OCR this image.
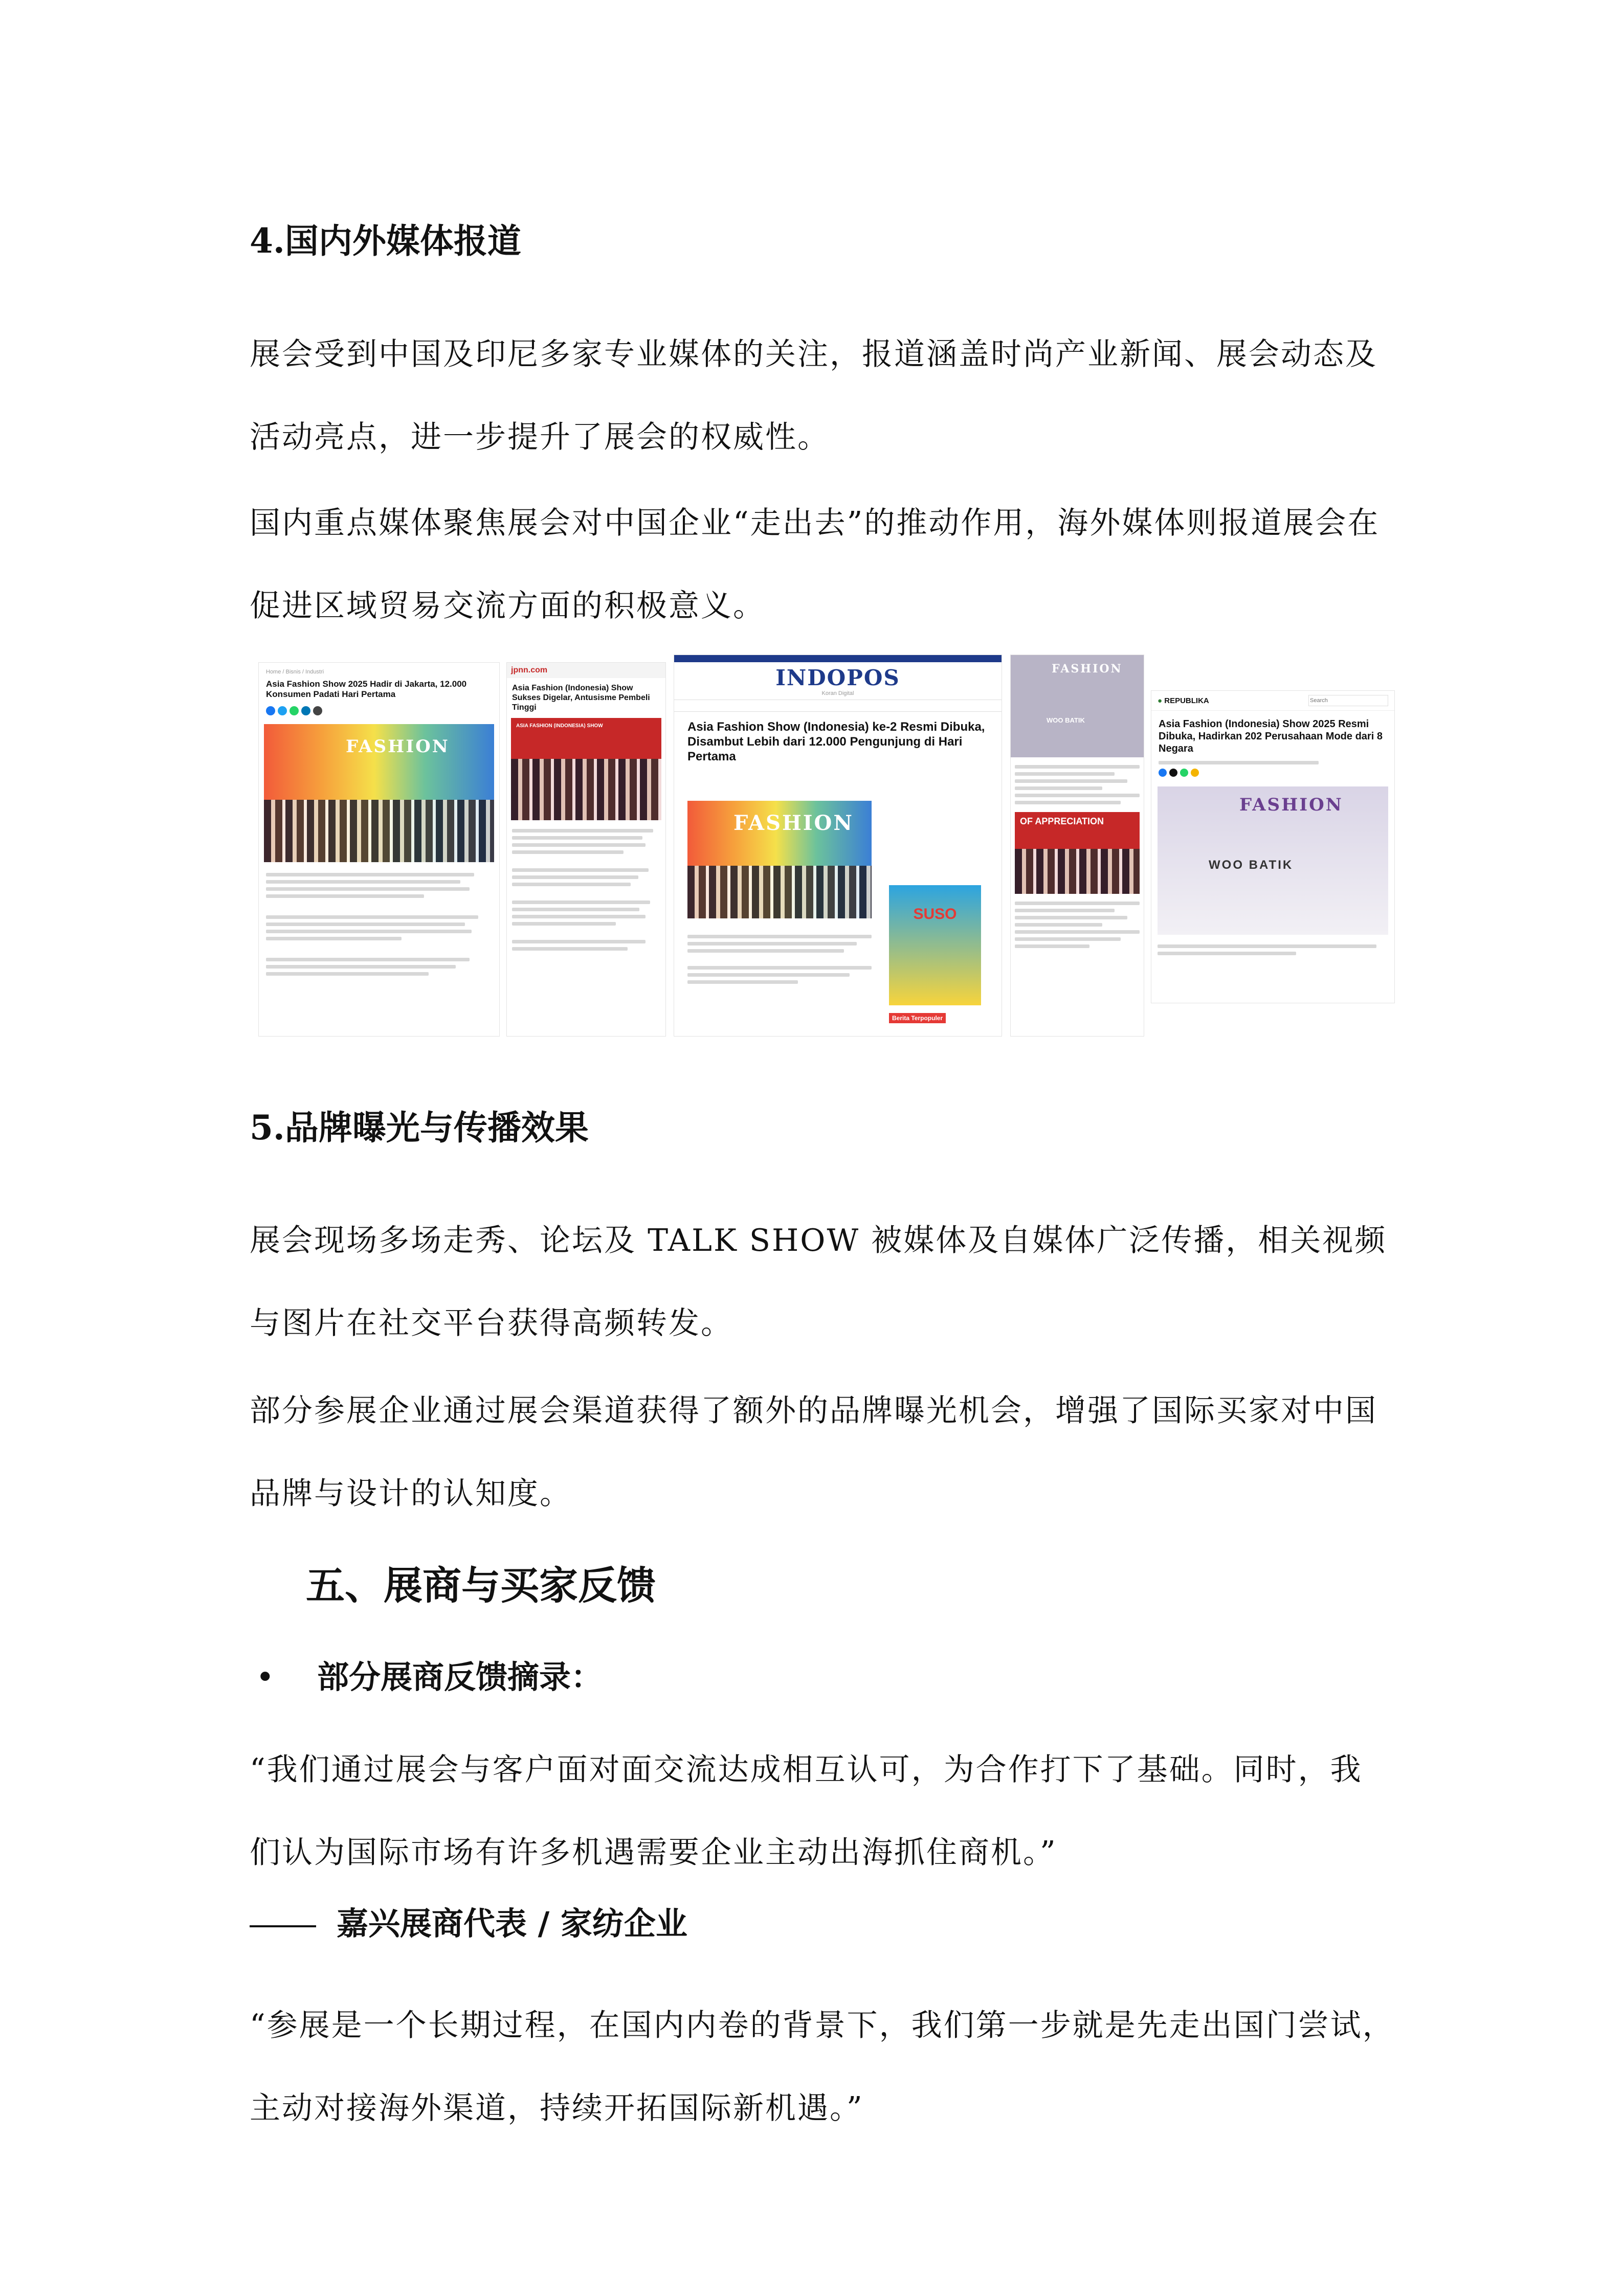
4.国内外媒体报道

展会受到中国及印尼多家专业媒体的关注，报道涵盖时尚产业新闻、展会动态及
活动亮点，进一步提升了展会的权威性。

国内重点媒体聚焦展会对中国企业“走出去”的推动作用，海外媒体则报道展会在
促进区域贸易交流方面的积极意义。

Home / Bisnis / Industri
Asia Fashion Show 2025 Hadir di Jakarta, 12.000 Konsumen Padati Hari Pertama
FASHION
jpnn.com
Asia Fashion (Indonesia) Show Sukses Digelar, Antusisme Pembeli Tinggi
ASIA FASHION (INDONESIA) SHOW
INDOPOS
Koran Digital
Asia Fashion Show (Indonesia) ke-2 Resmi Dibuka, Disambut Lebih dari 12.000 Pengunjung di Hari Pertama
FASHION
SUSO
Berita Terpopuler
FASHION
WOO BATIK
OF APPRECIATION
● REPUBLIKA
Search
Asia Fashion (Indonesia) Show 2025 Resmi Dibuka, Hadirkan 202 Perusahaan Mode dari 8 Negara
FASHION
WOO BATIK
5.品牌曝光与传播效果

展会现场多场走秀、论坛及 TALK SHOW 被媒体及自媒体广泛传播，相关视频
与图片在社交平台获得高频转发。

部分参展企业通过展会渠道获得了额外的品牌曝光机会，增强了国际买家对中国
品牌与设计的认知度。

五、展商与买家反馈
• 部分展商反馈摘录：

“我们通过展会与客户面对面交流达成相互认可，为合作打下了基础。同时，我
们认为国际市场有许多机遇需要企业主动出海抓住商机。”

嘉兴展商代表 / 家纺企业

“参展是一个长期过程，在国内内卷的背景下，我们第一步就是先走出国门尝试，
主动对接海外渠道，持续开拓国际新机遇。”
